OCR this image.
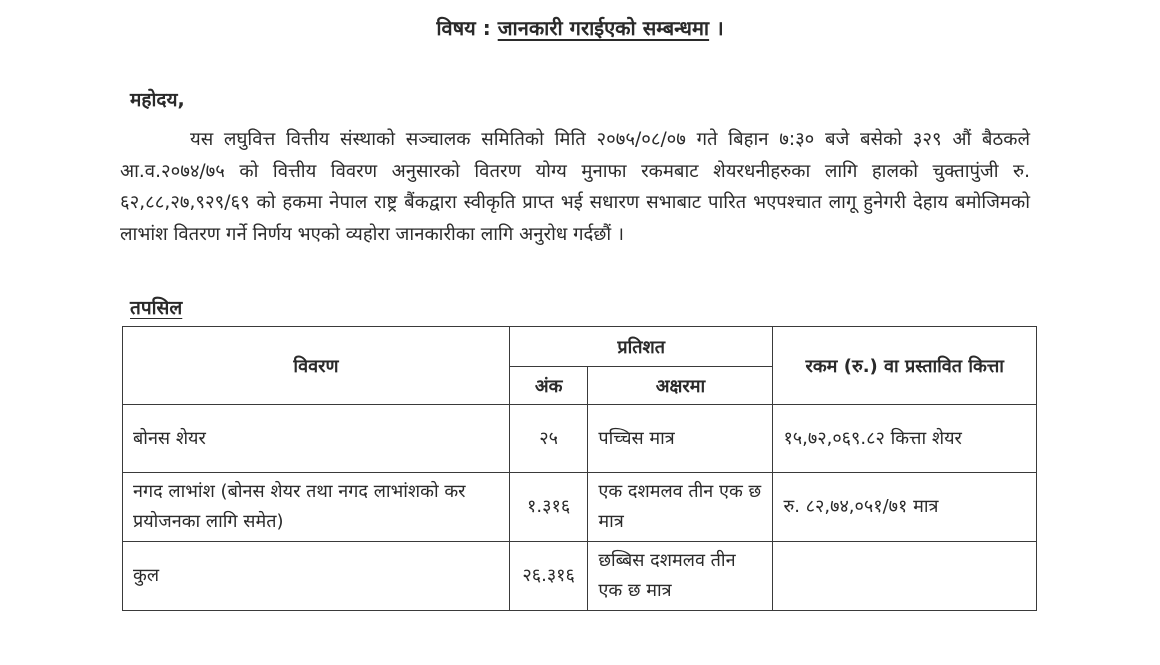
विषय : जानकारी गराईएको सम्बन्धमा ।
महोदय,
यस लघुवित्त वित्तीय संस्थाको सञ्चालक समितिको मिति २०७५/०८/०७ गते बिहान ७:३० बजे बसेको ३२९ औं बैठकले आ.व.२०७४/७५ को वित्तीय विवरण अनुसारको वितरण योग्य मुनाफा रकमबाट शेयरधनीहरुका लागि हालको चुक्तापुंजी रु. ६२,८८,२७,९२९/६९ को हकमा नेपाल राष्ट्र बैंकद्वारा स्वीकृति प्राप्त भई सधारण सभाबाट पारित भएपश्चात लागू हुनेगरी देहाय बमोजिमको लाभांश वितरण गर्ने निर्णय भएको व्यहोरा जानकारीका लागि अनुरोध गर्दछौं ।
तपसिल
विवरण	प्रतिशत		रकम (रु.) वा प्रस्तावित कित्ता
	अंक	अक्षरमा	
बोनस शेयर	२५	पच्चिस मात्र	१५,७२,०६९.८२ कित्ता शेयर
नगद लाभांश (बोनस शेयर तथा नगद लाभांशको कर प्रयोजनका लागि समेत)	१.३१६	एक दशमलव तीन एक छ मात्र	रु. ८२,७४,०५१/७१ मात्र
कुल	२६.३१६	छब्बिस दशमलव तीन एक छ मात्र	
